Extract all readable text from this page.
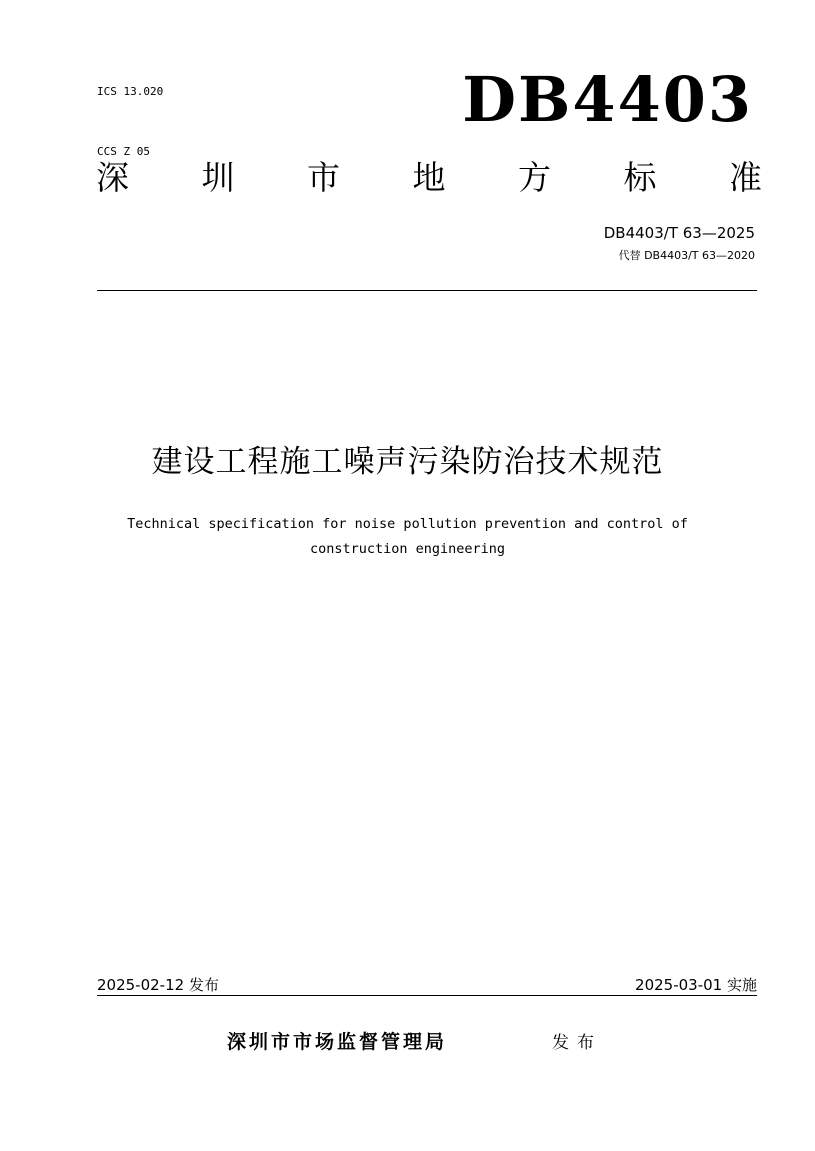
ICS 13.020

CCS Z 05

DB4403
深 圳 市 地 方 标 准
DB4403/T 63—2025
代替 DB4403/T 63—2020
建设工程施工噪声污染防治技术规范
Technical specification for noise pollution prevention and control of
construction engineering
2025-02-12 发布	2025-03-01 实施
深圳市市场监督管理局	发布
